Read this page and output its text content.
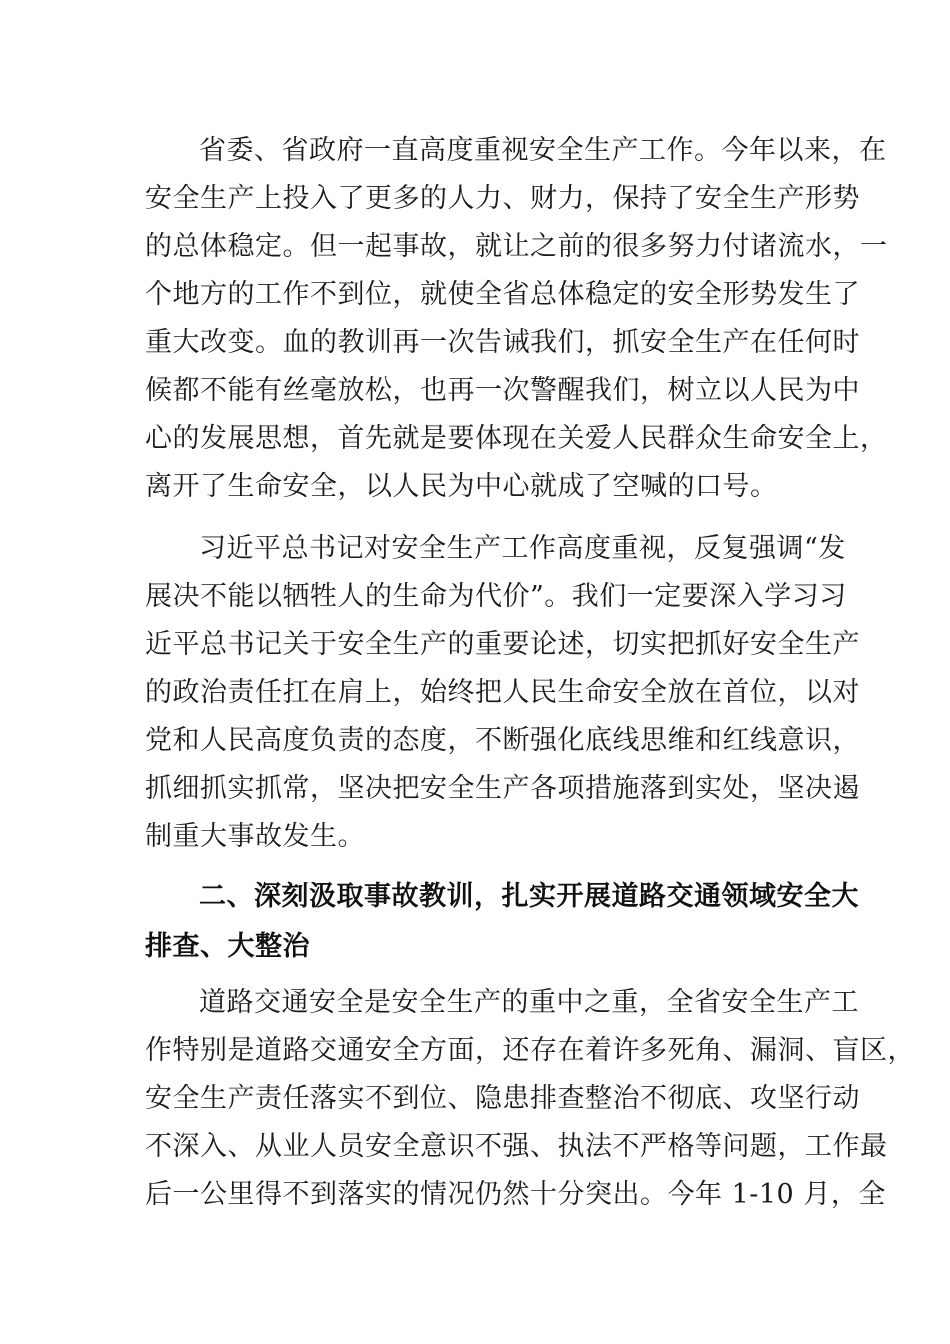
省委、省政府一直高度重视安全生产工作。今年以来，在
安全生产上投入了更多的人力、财力，保持了安全生产形势
的总体稳定。但一起事故，就让之前的很多努力付诸流水，一
个地方的工作不到位，就使全省总体稳定的安全形势发生了
重大改变。血的教训再一次告诫我们，抓安全生产在任何时
候都不能有丝毫放松，也再一次警醒我们，树立以人民为中
心的发展思想，首先就是要体现在关爱人民群众生命安全上，
离开了生命安全，以人民为中心就成了空喊的口号。
习近平总书记对安全生产工作高度重视，反复强调“发
展决不能以牺牲人的生命为代价”。我们一定要深入学习习
近平总书记关于安全生产的重要论述，切实把抓好安全生产
的政治责任扛在肩上，始终把人民生命安全放在首位，以对
党和人民高度负责的态度，不断强化底线思维和红线意识，
抓细抓实抓常，坚决把安全生产各项措施落到实处，坚决遏
制重大事故发生。
二、深刻汲取事故教训，扎实开展道路交通领域安全大
排查、大整治
道路交通安全是安全生产的重中之重，全省安全生产工
作特别是道路交通安全方面，还存在着许多死角、漏洞、盲区，
安全生产责任落实不到位、隐患排查整治不彻底、攻坚行动
不深入、从业人员安全意识不强、执法不严格等问题，工作最
后一公里得不到落实的情况仍然十分突出。今年 1-10 月，全
